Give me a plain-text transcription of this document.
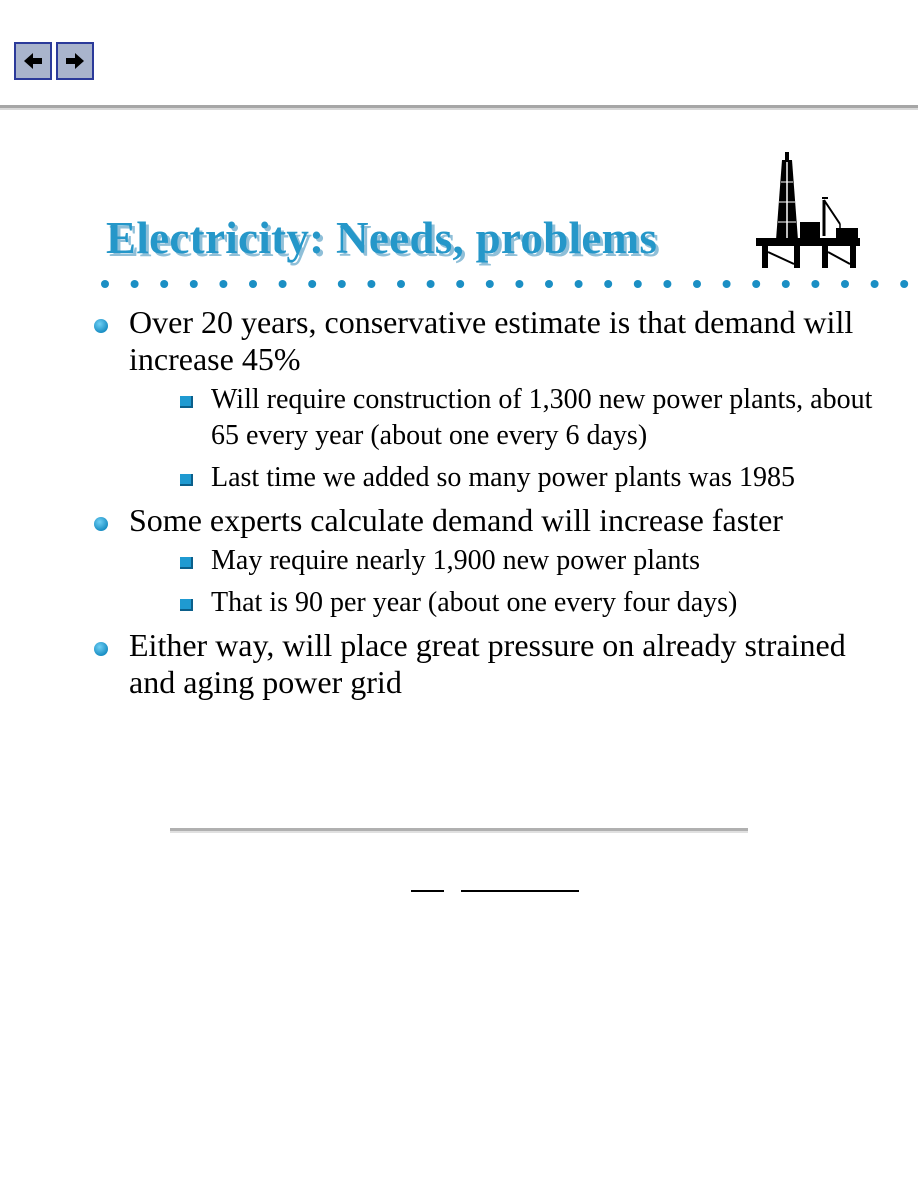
Electricity: Needs, problems
Over 20 years, conservative estimate is that demand will increase 45%
Will require construction of 1,300 new power plants, about 65 every year (about one every 6 days)
Last time we added so many power plants was 1985
Some experts calculate demand will increase faster
May require nearly 1,900 new power plants
That is 90 per year (about one every four days)
Either way, will place great pressure on already strained and aging power grid
